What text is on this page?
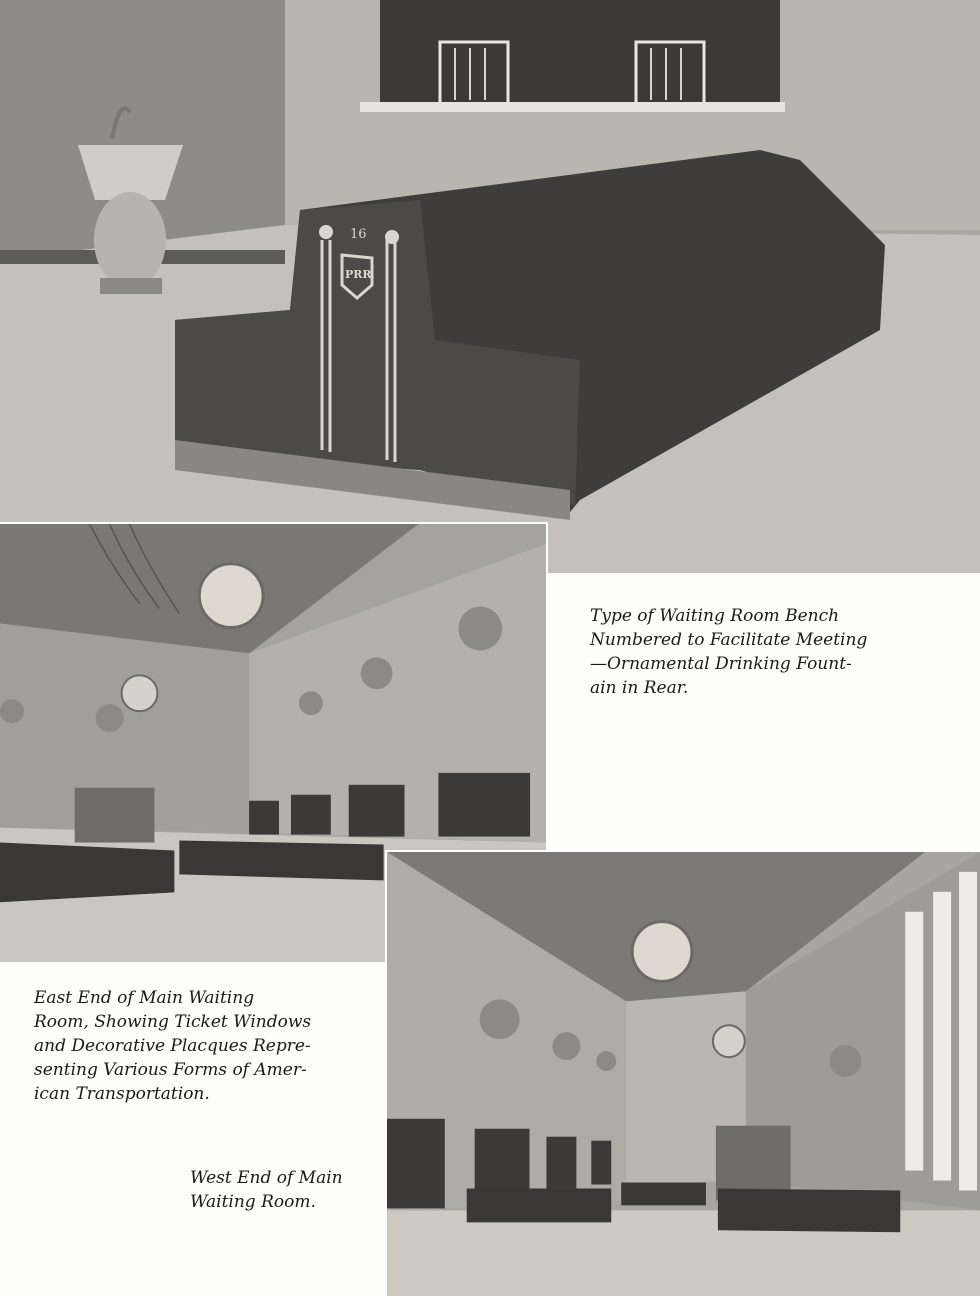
16
PRR

Type of Waiting Room Bench
Numbered to Facilitate Meeting
—Ornamental Drinking Fount-
ain in Rear.

East End of Main Waiting
Room, Showing Ticket Windows
and Decorative Placques Repre-
senting Various Forms of Amer-
ican Transportation.

West End of Main
Waiting Room.
